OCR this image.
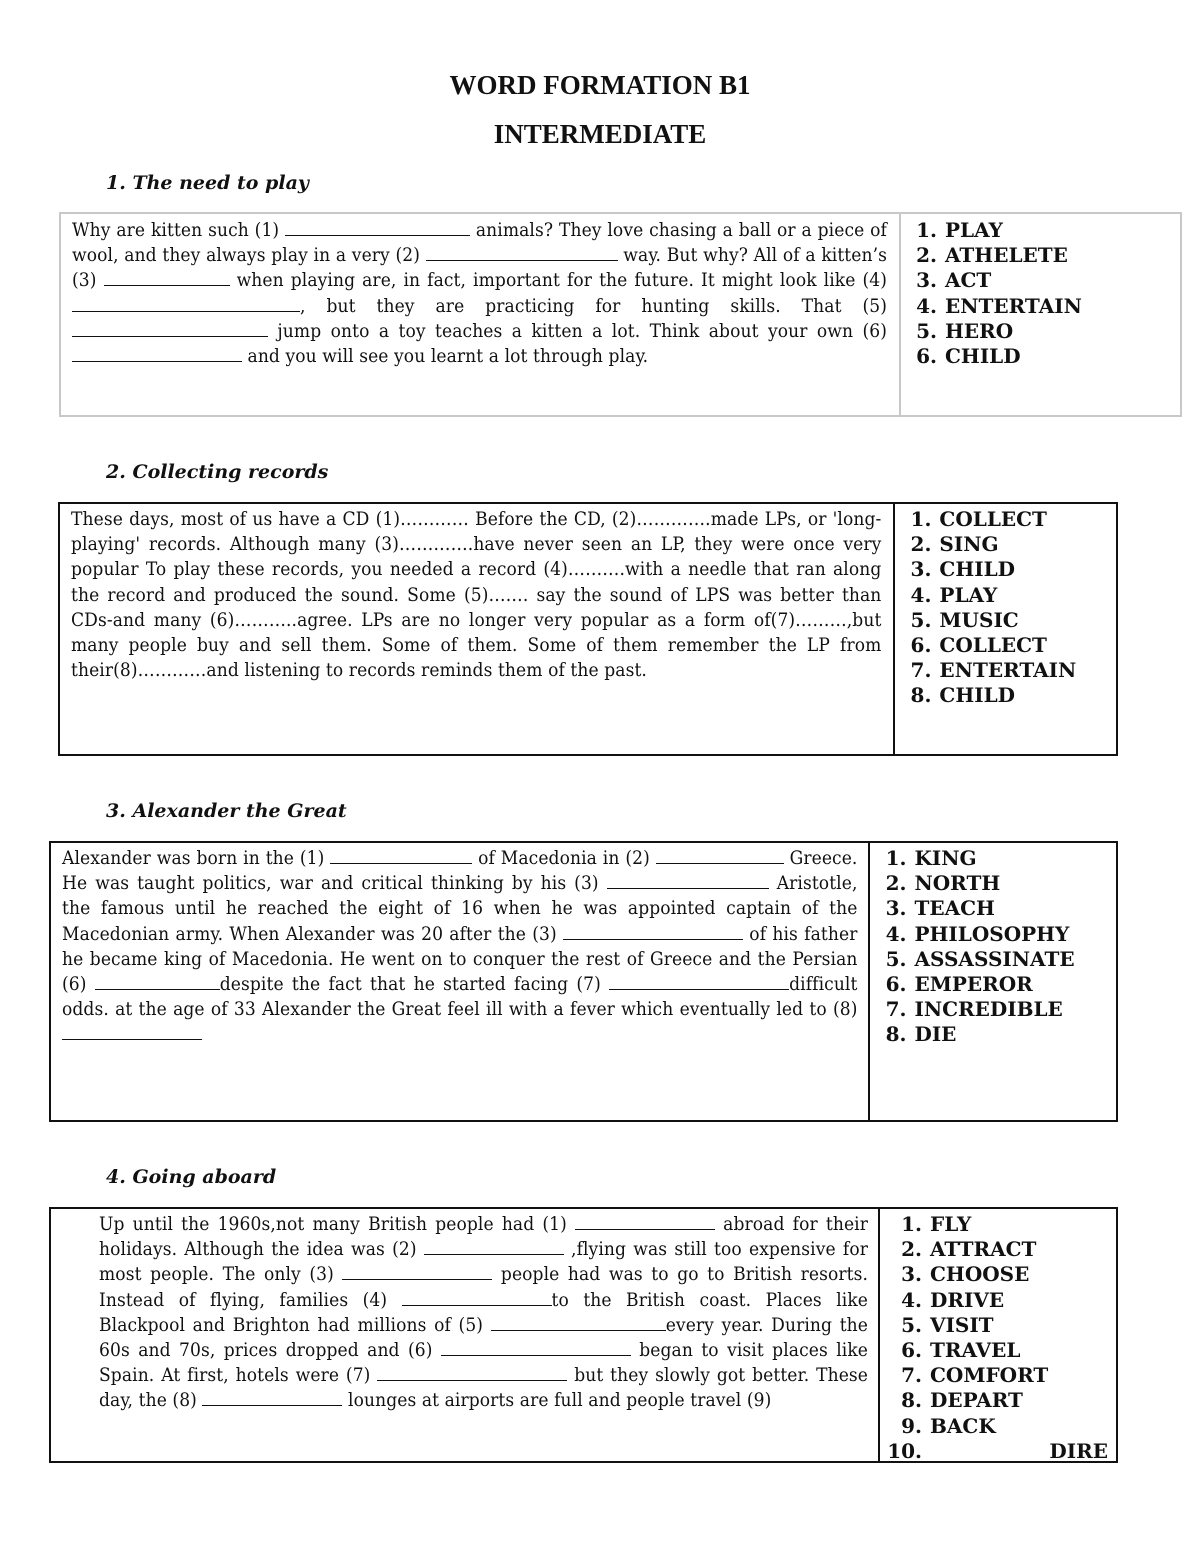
WORD FORMATION B1
INTERMEDIATE
1. The need to play
Why are kitten such (1)	animals? They love chasing a ball or a piece of wool, and they always play in a very (2)	way. But why? All of a kitten’s (3)	when playing are, in fact, important for the future. It might look like (4) , but they are practicing for hunting skills. That (5)  jump onto a toy teaches a kitten a lot. Think about your own (6)  and you will see you learnt a lot through play.
1. PLAY
2. ATHELETE
3. ACT
4. ENTERTAIN
5. HERO
6. CHILD
2. Collecting records
These days, most of us have a CD (1)………… Before the CD, (2)………….made LPs, or 'long-playing' records. Although many (3)………….have never seen an LP, they were once very popular To play these records, you needed a record (4)……….with a needle that ran along the record and produced the sound. Some (5)……. say the sound of LPS was better than CDs-and many (6)………..agree. LPs are no longer very popular as a form of(7)………,but many people buy and sell them. Some of them. Some of them remember the LP from their(8)…………and listening to records reminds them of the past.
1. COLLECT
2. SING
3. CHILD
4. PLAY
5. MUSIC
6. COLLECT
7. ENTERTAIN
8. CHILD
3. Alexander the Great
Alexander was born in the (1)	of Macedonia in (2)	Greece. He was taught politics, war and critical thinking by his (3)	Aristotle, the famous until he reached the eight of 16 when he was appointed captain of the Macedonian army. When Alexander was 20 after the (3)	of his father he became king of Macedonia. He went on to conquer the rest of Greece and the Persian (6)	despite the fact that he started facing (7)	difficult odds. at the age of 33 Alexander the Great feel ill with a fever which eventually led to (8)
1. KING
2. NORTH
3. TEACH
4. PHILOSOPHY
5. ASSASSINATE
6. EMPEROR
7. INCREDIBLE
8. DIE
4. Going aboard
Up until the 1960s,not many British people had (1)	abroad for their holidays. Although the idea was (2)	,flying was still too expensive for most people. The only (3)	people had was to go to British resorts. Instead of flying, families (4)	to the British coast. Places like Blackpool and Brighton had millions of (5)	every year. During the 60s and 70s, prices dropped and (6)	began to visit places like Spain. At first, hotels were (7)	but they slowly got better. These day, the (8)	lounges at airports are full and people travel (9)
1. FLY
2. ATTRACT
3. CHOOSE
4. DRIVE
5. VISIT
6. TRAVEL
7. COMFORT
8. DEPART
9. BACK
10.	DIRE
